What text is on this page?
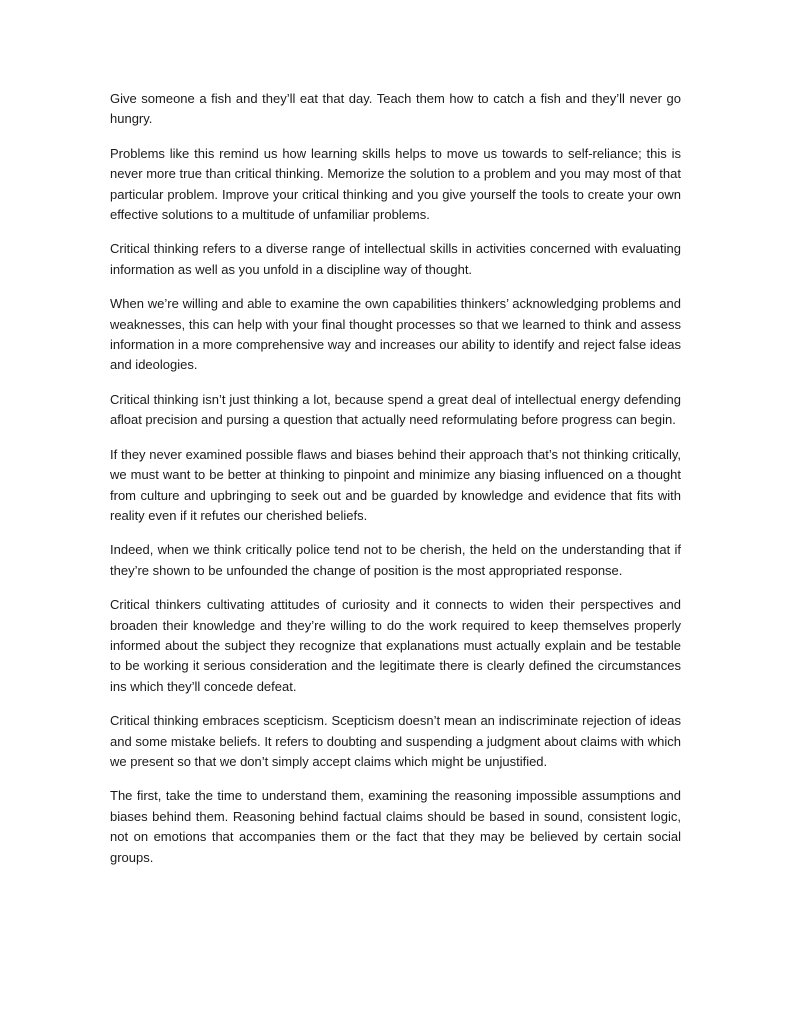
Give someone a fish and they’ll eat that day. Teach them how to catch a fish and they’ll never go hungry.

Problems like this remind us how learning skills helps to move us towards to self-reliance; this is never more true than critical thinking. Memorize the solution to a problem and you may most of that particular problem. Improve your critical thinking and you give yourself the tools to create your own effective solutions to a multitude of unfamiliar problems.

Critical thinking refers to a diverse range of intellectual skills in activities concerned with evaluating information as well as you unfold in a discipline way of thought.

When we’re willing and able to examine the own capabilities thinkers’ acknowledging problems and weaknesses, this can help with your final thought processes so that we learned to think and assess information in a more comprehensive way and increases our ability to identify and reject false ideas and ideologies.

Critical thinking isn’t just thinking a lot, because spend a great deal of intellectual energy defending afloat precision and pursing a question that actually need reformulating before progress can begin.

If they never examined possible flaws and biases behind their approach that’s not thinking critically, we must want to be better at thinking to pinpoint and minimize any biasing influenced on a thought from culture and upbringing to seek out and be guarded by knowledge and evidence that fits with reality even if it refutes our cherished beliefs.

Indeed, when we think critically police tend not to be cherish, the held on the understanding that if they’re shown to be unfounded the change of position is the most appropriated response.

Critical thinkers cultivating attitudes of curiosity and it connects to widen their perspectives and broaden their knowledge and they’re willing to do the work required to keep themselves properly informed about the subject they recognize that explanations must actually explain and be testable to be working it serious consideration and the legitimate there is clearly defined the circumstances ins which they’ll concede defeat.

Critical thinking embraces scepticism. Scepticism doesn’t mean an indiscriminate rejection of ideas and some mistake beliefs. It refers to doubting and suspending a judgment about claims with which we present so that we don’t simply accept claims which might be unjustified.

The first, take the time to understand them, examining the reasoning impossible assumptions and biases behind them. Reasoning behind factual claims should be based in sound, consistent logic, not on emotions that accompanies them or the fact that they may be believed by certain social groups.
